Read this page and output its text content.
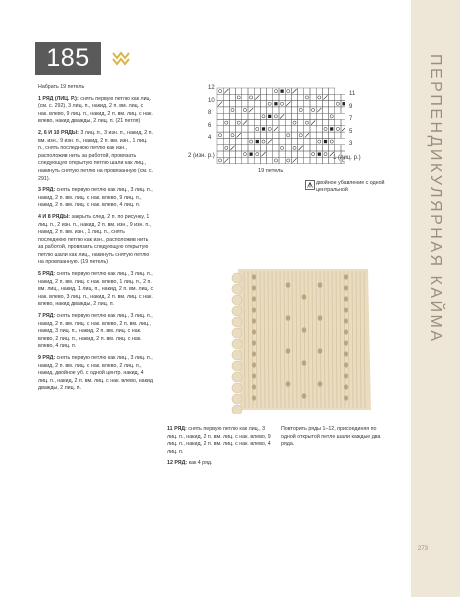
ПЕРПЕНДИКУЛЯРНАЯ КАЙМА
185

Набрать 19 петель

1 РЯД (ЛИЦ. Р.): снять первую петлю как лиц. (см. с. 292), 3 лиц. п., накид, 2 п. вм. лиц. с нак. влево, 9 лиц. п., накид, 2 п. вм. лиц. с нак. влево, накид дважды, 2 лиц. п. (21 петля)

2, 6 И 10 РЯДЫ: 3 лиц. п., 3 изн. п., накид, 2 п. вм. изн., 9 изн. п., накид, 2 п. вм. изн., 1 лиц. п., снять последнюю петлю как изн., расположив нить за работой, провязать следующую открытую петлю шали как лиц., накинуть снятую петлю на провязанную (см. с. 291).

3 РЯД: снять первую петлю как лиц., 3 лиц. п., накид, 2 п. вм. лиц. с нак. влево, 9 лиц. п., накид, 2 п. вм. лиц. с нак. влево, 4 лиц. п.

4 И 8 РЯДЫ: закрыть след. 2 п. по рисунку, 1 лиц. п., 2 изн. п., накид, 2 п. вм. изн., 9 изн. п., накид, 2 п. вм. изн., 1 лиц. п., снять последнюю петлю как изн., расположив нить за работой, провязать следующую открытую петлю шали как лиц., накинуть снятую петлю на провязанную. (19 петель)

5 РЯД: снять первую петлю как лиц., 3 лиц. п., накид, 2 п. вм. лиц. с нак. влево, 1 лиц. п., 2 п. вм. лиц., накид, 1 лиц. п., накид, 2 п. вм. лиц. с нак. влево, 3 лиц. п., накид, 2 п. вм. лиц. с нак. влево, накид дважды, 2 лиц. п.

7 РЯД: снять первую петлю как лиц., 3 лиц. п., накид, 2 п. вм. лиц. с нак. влево, 2 п. вм. лиц., накид, 3 лиц. п., накид, 2 п. вм. лиц. с нак. влево, 2 лиц. п., накид, 2 п. вм. лиц. с нак. влево, 4 лиц. п.

9 РЯД: снять первую петлю как лиц., 3 лиц. п., накид, 2 п. вм. лиц. с нак. влево, 2 лиц. п., накид, двойное уб. с одной центр. накид, 4 лиц. п., накид, 2 п. вм. лиц. с нак. влево, накид дважды, 2 лиц. п.

12
10
8
6
4
11
9
7
5
3
2 (изн. р.)	1 (лиц. р.)
19 петель
двойное убавление с одной центральной

11 РЯД: снять первую петлю как лиц., 3 лиц. п., накид, 2 п. вм. лиц. с нак. влево, 9 лиц. п., накид, 2 п. вм. лиц. с нак. влево, 4 лиц. п.

12 РЯД: как 4 ряд.

Повторить ряды 1–12, присоединяя по одной открытой петле шали каждые два ряда.
273
